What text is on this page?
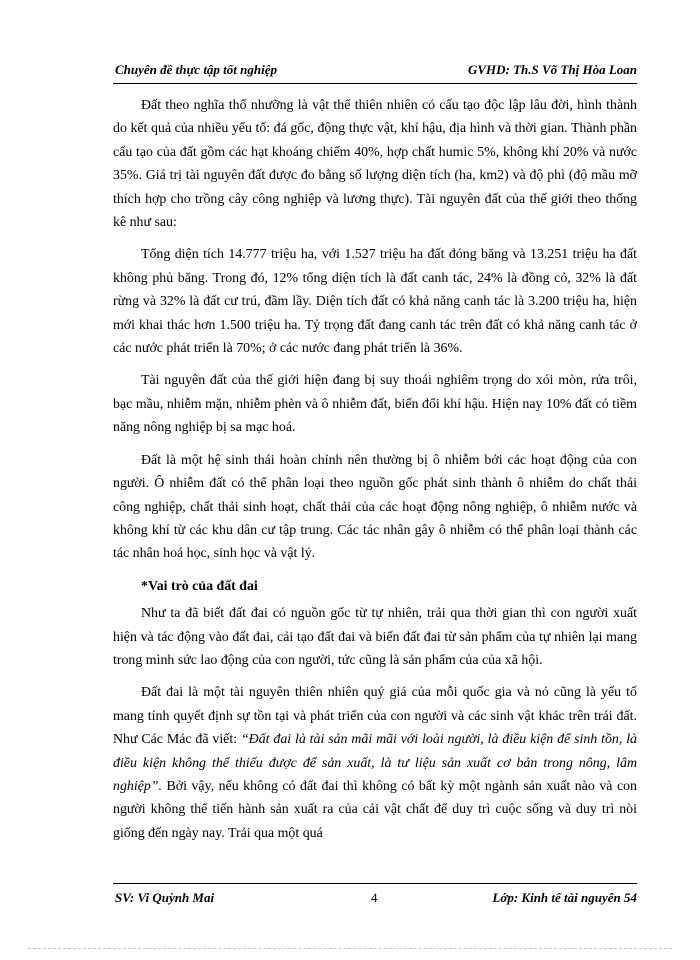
Chuyên đề thực tập tốt nghiệp	GVHD: Th.S Võ Thị Hòa Loan

Đất theo nghĩa thổ nhưỡng là vật thể thiên nhiên có cấu tạo độc lập lâu đời, hình thành do kết quả của nhiều yếu tố: đá gốc, động thực vật, khí hậu, địa hình và thời gian. Thành phần cấu tạo của đất gồm các hạt khoáng chiếm 40%, hợp chất humic 5%, không khí 20% và nước 35%. Giá trị tài nguyên đất được đo bằng số lượng diện tích (ha, km2) và độ phì (độ mầu mỡ thích hợp cho trồng cây công nghiệp và lương thực). Tài nguyên đất của thế giới theo thống kê như sau:

Tổng diện tích 14.777 triệu ha, với 1.527 triệu ha đất đóng băng và 13.251 triệu ha đất không phủ băng. Trong đó, 12% tổng diện tích là đất canh tác, 24% là đồng cỏ, 32% là đất rừng và 32% là đất cư trú, đầm lầy. Diện tích đất có khả năng canh tác là 3.200 triệu ha, hiện mới khai thác hơn 1.500 triệu ha. Tỷ trọng đất đang canh tác trên đất có khả năng canh tác ở các nước phát triển là 70%; ở các nước đang phát triển là 36%.

Tài nguyên đất của thế giới hiện đang bị suy thoái nghiêm trọng do xói mòn, rửa trôi, bạc mầu, nhiễm mặn, nhiễm phèn và ô nhiễm đất, biến đổi khí hậu. Hiện nay 10% đất có tiềm năng nông nghiệp bị sa mạc hoá.

Đất là một hệ sinh thái hoàn chỉnh nên thường bị ô nhiễm bởi các hoạt động của con người. Ô nhiễm đất có thể phân loại theo nguồn gốc phát sinh thành ô nhiễm do chất thải công nghiệp, chất thải sinh hoạt, chất thải của các hoạt động nông nghiệp, ô nhiễm nước và không khí từ các khu dân cư tập trung. Các tác nhân gây ô nhiễm có thể phân loại thành các tác nhân hoá học, sinh học và vật lý.

*Vai trò của đất đai

Như ta đã biết đất đai có nguồn gốc từ tự nhiên, trải qua thời gian thì con người xuất hiện và tác động vào đất đai, cải tạo đất đai và biến đất đai từ sản phẩm của tự nhiên lại mang trong mình sức lao động của con người, tức cũng là sản phẩm của của xã hội.

Đất đai là một tài nguyên thiên nhiên quý giá của mỗi quốc gia và nó cũng là yếu tố mang tính quyết định sự tồn tại và phát triển của con người và các sinh vật khác trên trái đất. Như Các Mác đã viết: “Đất đai là tài sản mãi mãi với loài người, là điều kiện để sinh tồn, là điều kiện không thể thiếu được để sản xuất, là tư liệu sản xuất cơ bản trong nông, lâm nghiệp”. Bởi vậy, nếu không có đất đai thì không có bất kỳ một ngành sản xuất nào và con người không thể tiến hành sản xuất ra của cải vật chất để duy trì cuộc sống và duy trì nòi giống đến ngày nay. Trải qua một quá

SV: Vi Quỳnh Mai	4	Lớp: Kinh tế tài nguyên 54
